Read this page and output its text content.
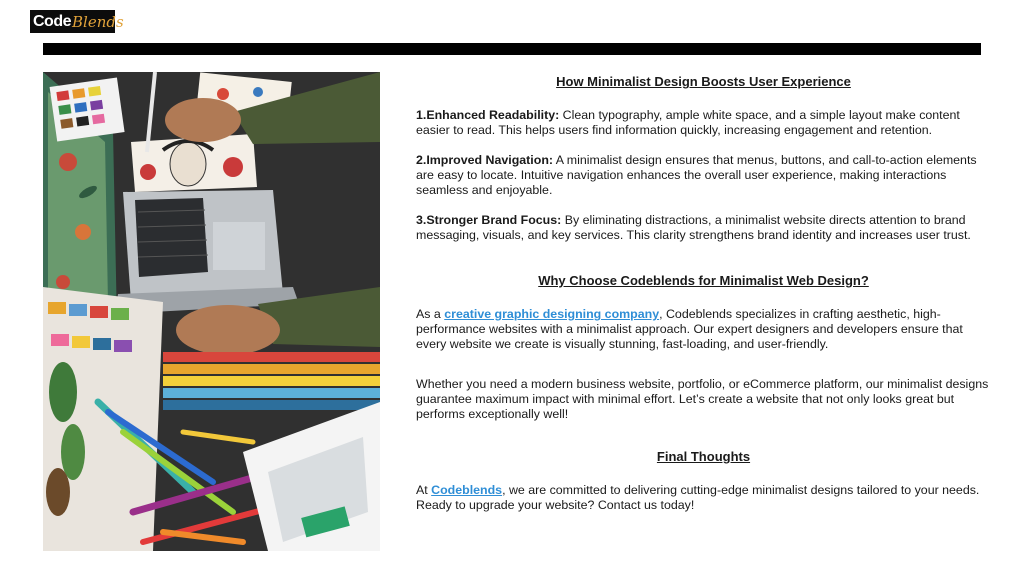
Code Blends
How Minimalist Design Boosts User Experience

1.Enhanced Readability: Clean typography, ample white space, and a simple layout make content easier to read. This helps users find information quickly, increasing engagement and retention.

2.Improved Navigation: A minimalist design ensures that menus, buttons, and call-to-action elements are easy to locate. Intuitive navigation enhances the overall user experience, making interactions seamless and enjoyable.

3.Stronger Brand Focus: By eliminating distractions, a minimalist website directs attention to brand messaging, visuals, and key services. This clarity strengthens brand identity and increases user trust.

Why Choose Codeblends for Minimalist Web Design?

As a creative graphic designing company, Codeblends specializes in crafting aesthetic, high-performance websites with a minimalist approach. Our expert designers and developers ensure that every website we create is visually stunning, fast-loading, and user-friendly.

Whether you need a modern business website, portfolio, or eCommerce platform, our minimalist designs guarantee maximum impact with minimal effort. Let’s create a website that not only looks great but performs exceptionally well!

Final Thoughts

At Codeblends, we are committed to delivering cutting-edge minimalist designs tailored to your needs. Ready to upgrade your website? Contact us today!
